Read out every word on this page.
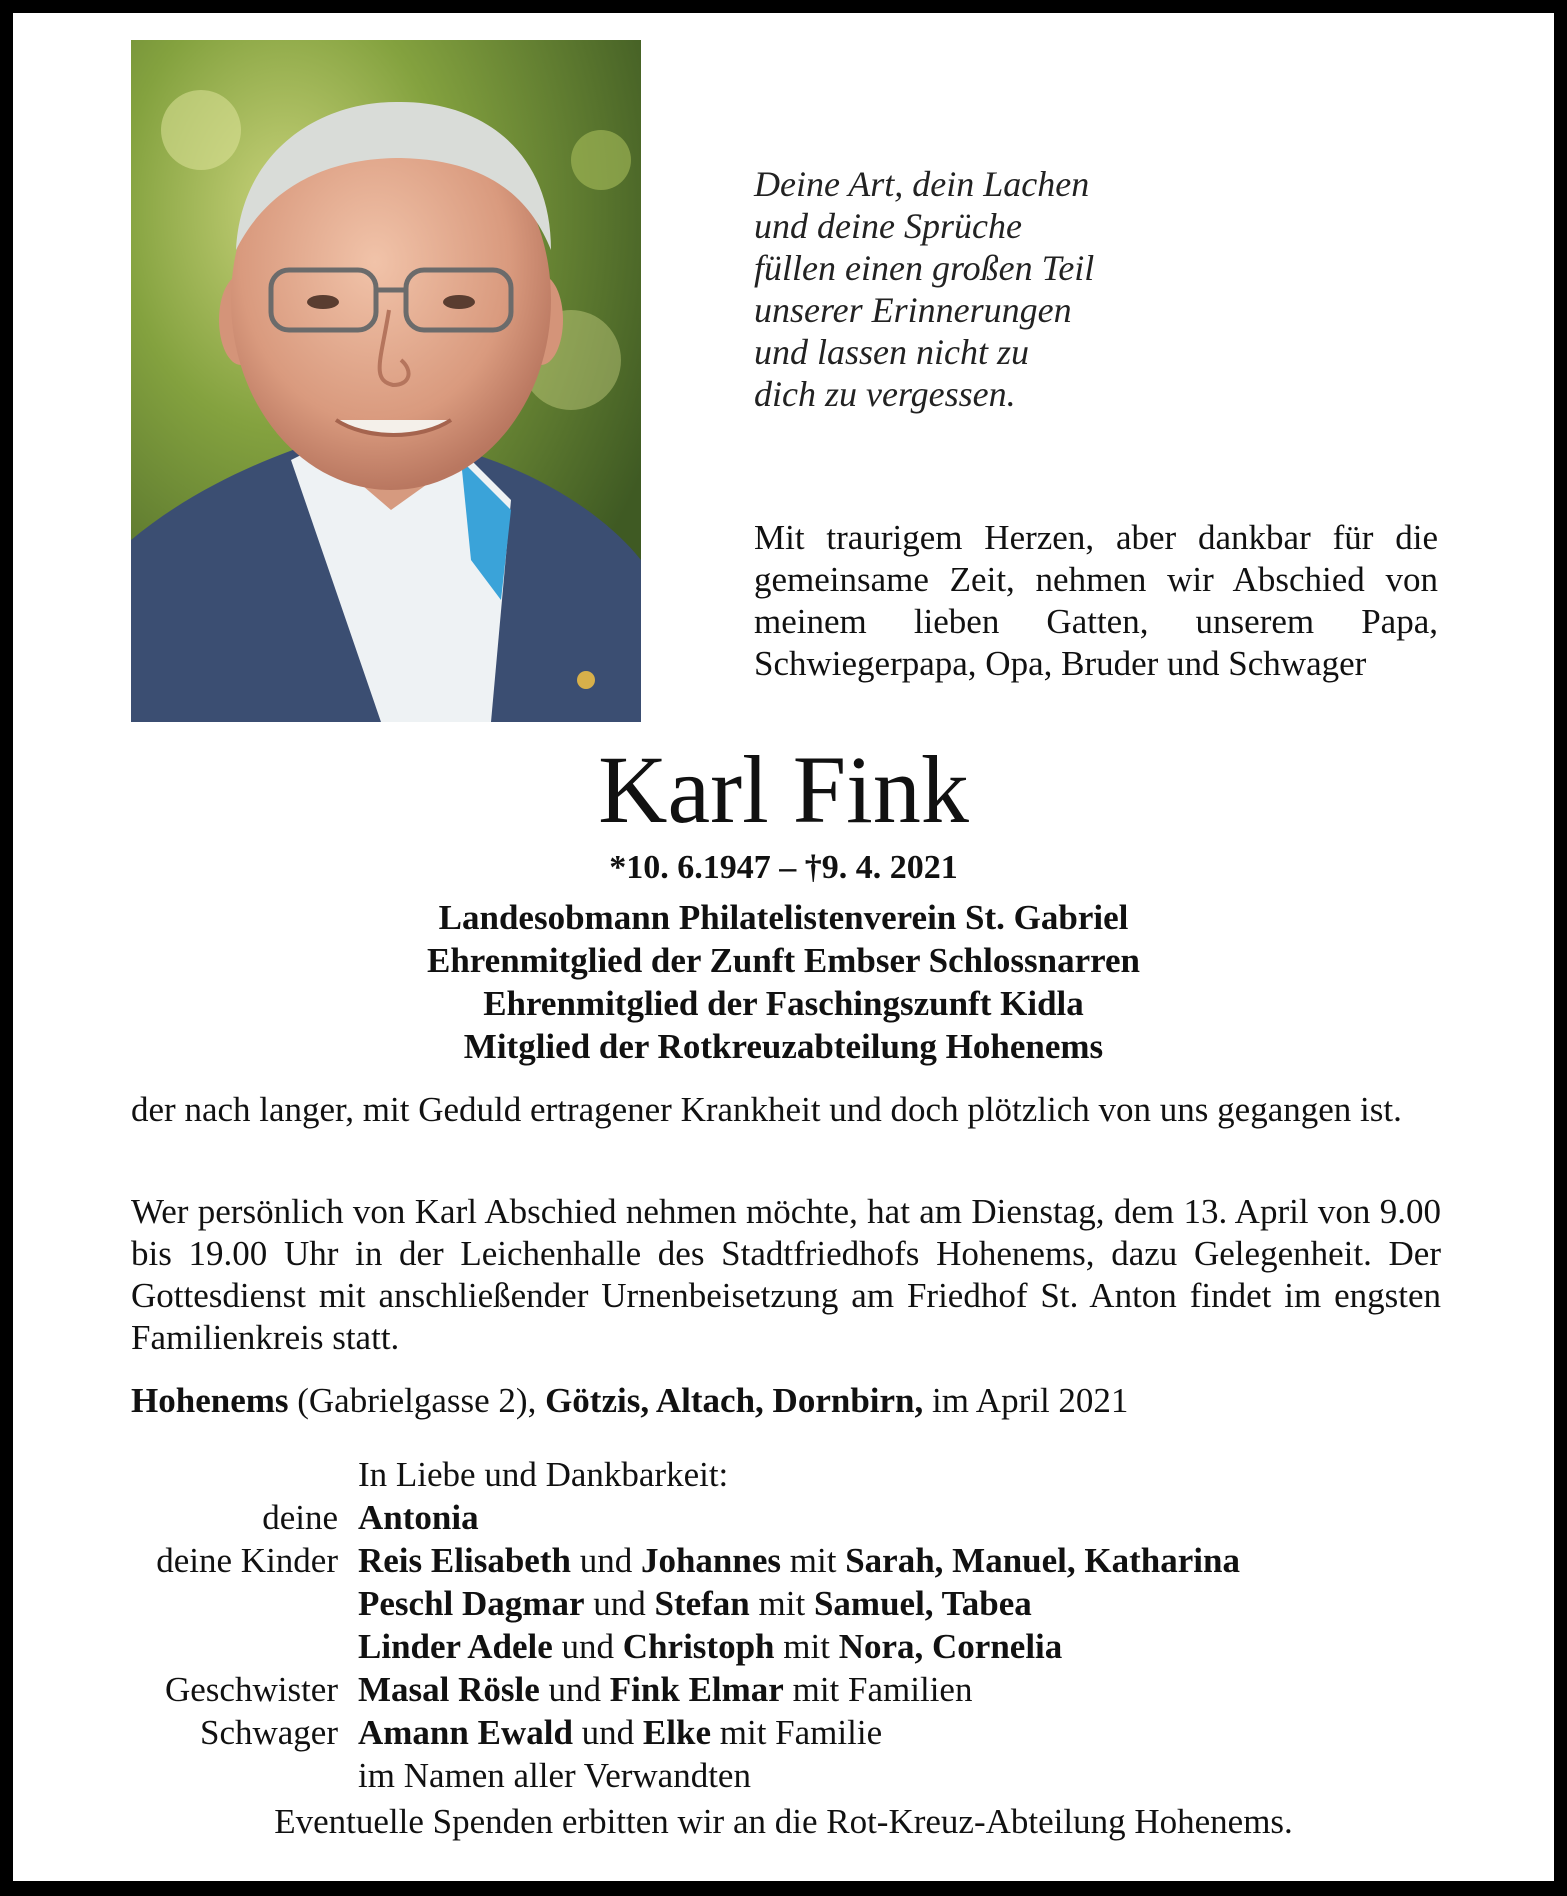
Deine Art, dein Lachen
und deine Sprüche
füllen einen großen Teil
unserer Erinnerungen
und lassen nicht zu
dich zu vergessen.
Mit traurigem Herzen, aber dankbar für die gemeinsame Zeit, nehmen wir Abschied von meinem lieben Gatten, unserem Papa, Schwiegerpapa, Opa, Bruder und Schwager
Karl Fink
*10. 6.1947 – †9. 4. 2021
Landesobmann Philatelistenverein St. Gabriel
Ehrenmitglied der Zunft Embser Schlossnarren
Ehrenmitglied der Faschingszunft Kidla
Mitglied der Rotkreuzabteilung Hohenems
der nach langer, mit Geduld ertragener Krankheit und doch plötzlich von uns gegangen ist.
Wer persönlich von Karl Abschied nehmen möchte, hat am Dienstag, dem 13. April von 9.00 bis 19.00 Uhr in der Leichenhalle des Stadtfriedhofs Hohenems, dazu Gelegenheit. Der Gottesdienst mit anschließender Urnenbeisetzung am Friedhof St. Anton findet im engsten Familienkreis statt.
Hohenems (Gabrielgasse 2), Götzis, Altach, Dornbirn, im April 2021
In Liebe und Dankbarkeit:
deine Antonia
deine Kinder Reis Elisabeth und Johannes mit Sarah, Manuel, Katharina
Peschl Dagmar und Stefan mit Samuel, Tabea
Linder Adele und Christoph mit Nora, Cornelia
Geschwister Masal Rösle und Fink Elmar mit Familien
Schwager Amann Ewald und Elke mit Familie
im Namen aller Verwandten
Eventuelle Spenden erbitten wir an die Rot-Kreuz-Abteilung Hohenems.
